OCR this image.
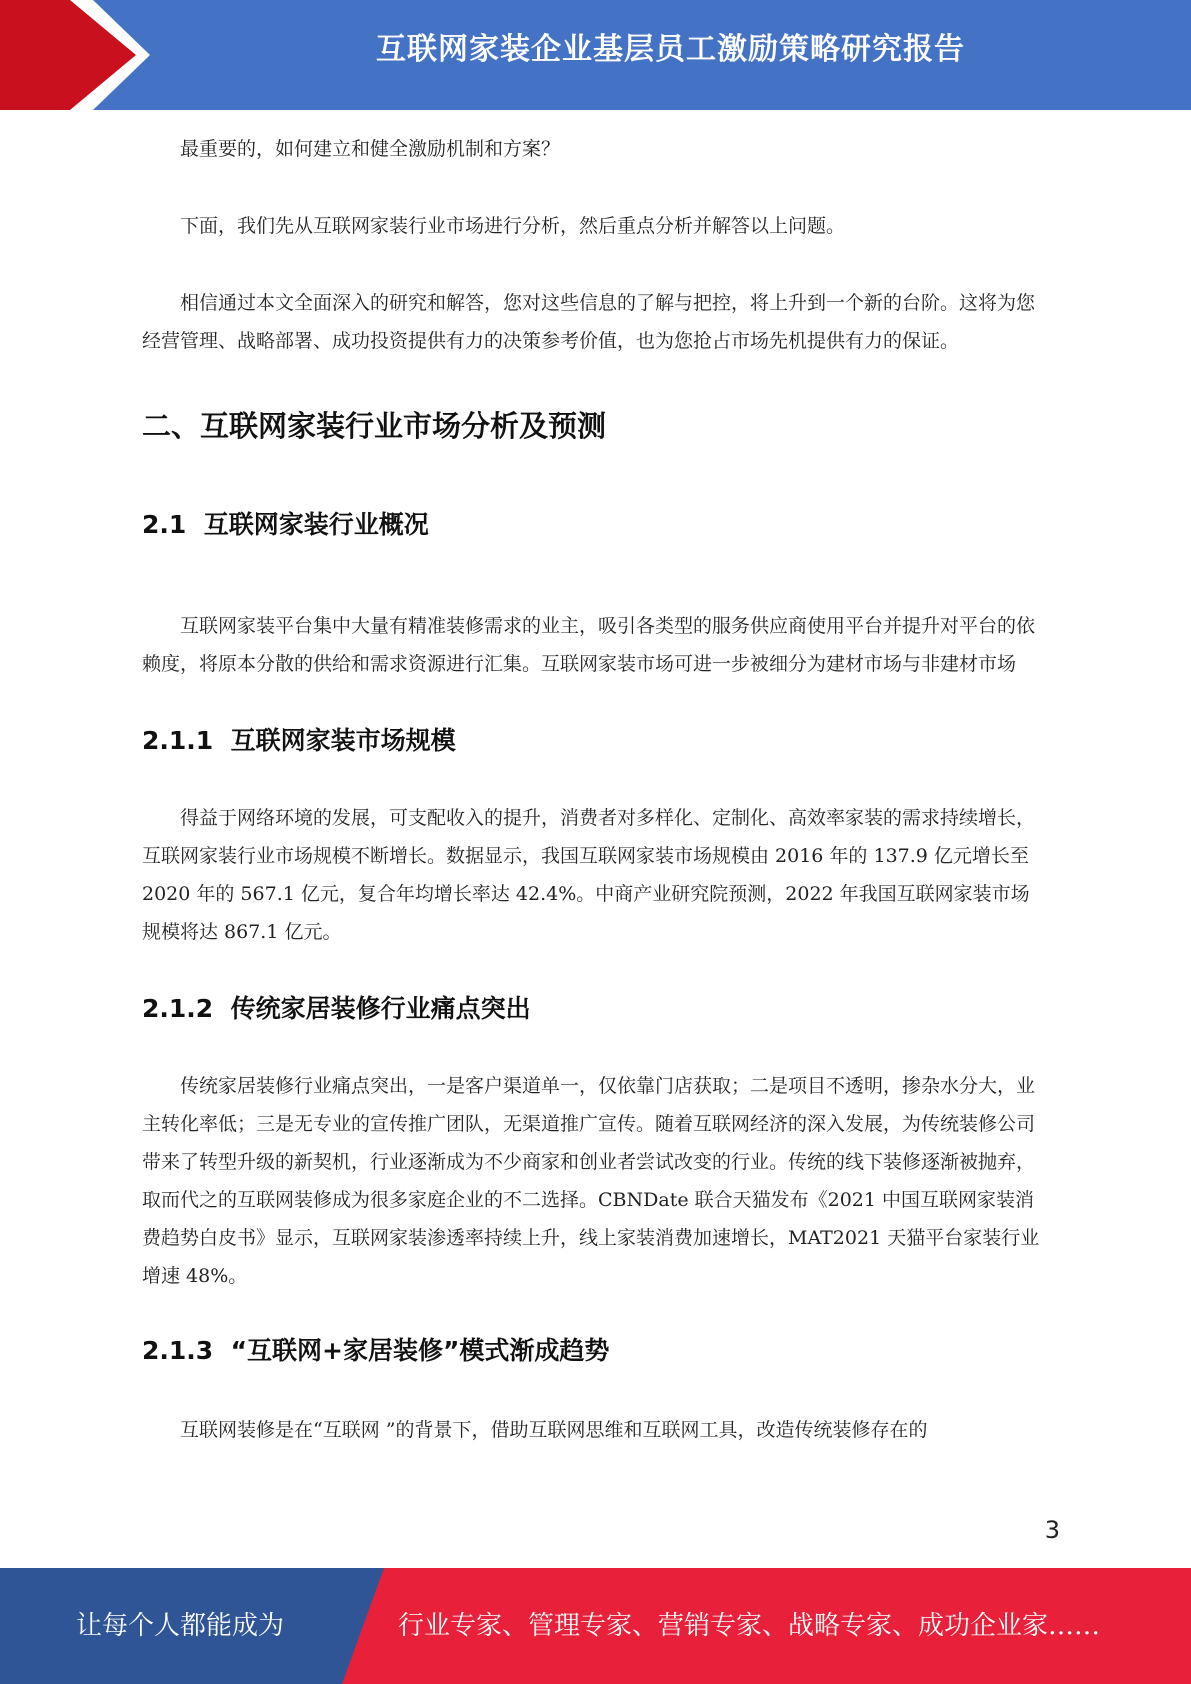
互联网家装企业基层员工激励策略研究报告

最重要的，如何建立和健全激励机制和方案？

下面，我们先从互联网家装行业市场进行分析，然后重点分析并解答以上问题。

相信通过本文全面深入的研究和解答，您对这些信息的了解与把控，将上升到一个新的台阶。这将为您经营管理、战略部署、成功投资提供有力的决策参考价值，也为您抢占市场先机提供有力的保证。

二、互联网家装行业市场分析及预测
2.1  互联网家装行业概况

互联网家装平台集中大量有精准装修需求的业主，吸引各类型的服务供应商使用平台并提升对平台的依赖度，将原本分散的供给和需求资源进行汇集。互联网家装市场可进一步被细分为建材市场与非建材市场

2.1.1  互联网家装市场规模

得益于网络环境的发展，可支配收入的提升，消费者对多样化、定制化、高效率家装的需求持续增长，互联网家装行业市场规模不断增长。数据显示，我国互联网家装市场规模由 2016 年的 137.9 亿元增长至 2020 年的 567.1 亿元，复合年均增长率达 42.4%。中商产业研究院预测，2022 年我国互联网家装市场规模将达 867.1 亿元。

2.1.2  传统家居装修行业痛点突出

传统家居装修行业痛点突出，一是客户渠道单一，仅依靠门店获取；二是项目不透明，掺杂水分大，业主转化率低；三是无专业的宣传推广团队，无渠道推广宣传。随着互联网经济的深入发展，为传统装修公司带来了转型升级的新契机，行业逐渐成为不少商家和创业者尝试改变的行业。传统的线下装修逐渐被抛弃，取而代之的互联网装修成为很多家庭企业的不二选择。CBNDate 联合天猫发布《2021 中国互联网家装消费趋势白皮书》显示，互联网家装渗透率持续上升，线上家装消费加速增长，MAT2021 天猫平台家装行业增速 48%。

2.1.3  “互联网+家居装修”模式渐成趋势

互联网装修是在“互联网 ”的背景下，借助互联网思维和互联网工具，改造传统装修存在的

3
让每个人都能成为	行业专家、管理专家、营销专家、战略专家、成功企业家……
